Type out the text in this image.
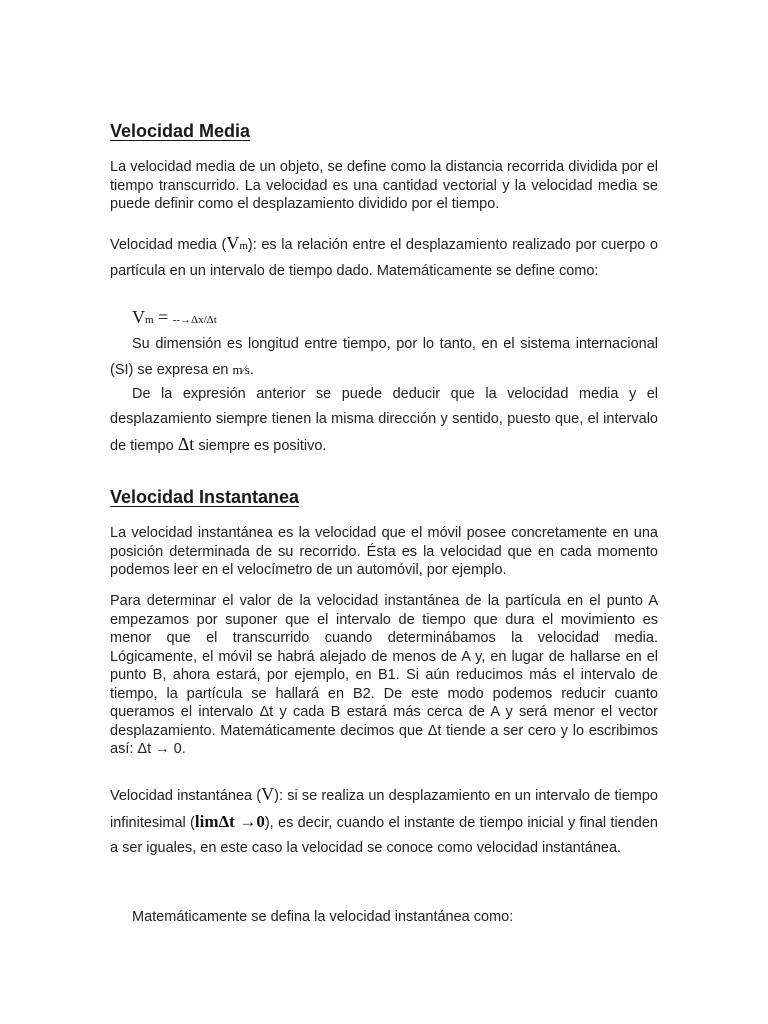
Velocidad Media

La velocidad media de un objeto, se define como la distancia recorrida dividida por el tiempo transcurrido. La velocidad es una cantidad vectorial y la velocidad media se puede definir como el desplazamiento dividido por el tiempo.

Velocidad media (Vm): es la relación entre el desplazamiento realizado por cuerpo o partícula en un intervalo de tiempo dado. Matemáticamente se define como:

Vm = --→Δx/Δt

Su dimensión es longitud entre tiempo, por lo tanto, en el sistema internacional (SI) se expresa en m⁄s.

De la expresión anterior se puede deducir que la velocidad media y el desplazamiento siempre tienen la misma dirección y sentido, puesto que, el intervalo de tiempo Δt siempre es positivo.

Velocidad Instantanea

La velocidad instantánea es la velocidad que el móvil posee concretamente en una posición determinada de su recorrido. Ésta es la velocidad que en cada momento podemos leer en el velocímetro de un automóvil, por ejemplo.

Para determinar el valor de la velocidad instantánea de la partícula en el punto A empezamos por suponer que el intervalo de tiempo que dura el movimiento es menor que el transcurrido cuando determinábamos la velocidad media. Lógicamente, el móvil se habrá alejado de menos de A y, en lugar de hallarse en el punto B, ahora estará, por ejemplo, en B1. Si aún reducimos más el intervalo de tiempo, la partícula se hallará en B2. De este modo podemos reducir cuanto queramos el intervalo Δt y cada B estará más cerca de A y será menor el vector desplazamiento. Matemáticamente decimos que Δt tiende a ser cero y lo escribimos así: Δt → 0.

Velocidad instantánea (V): si se realiza un desplazamiento en un intervalo de tiempo infinitesimal (limΔt →0), es decir, cuando el instante de tiempo inicial y final tienden a ser iguales, en este caso la velocidad se conoce como velocidad instantánea.

Matemáticamente se defina la velocidad instantánea como:
